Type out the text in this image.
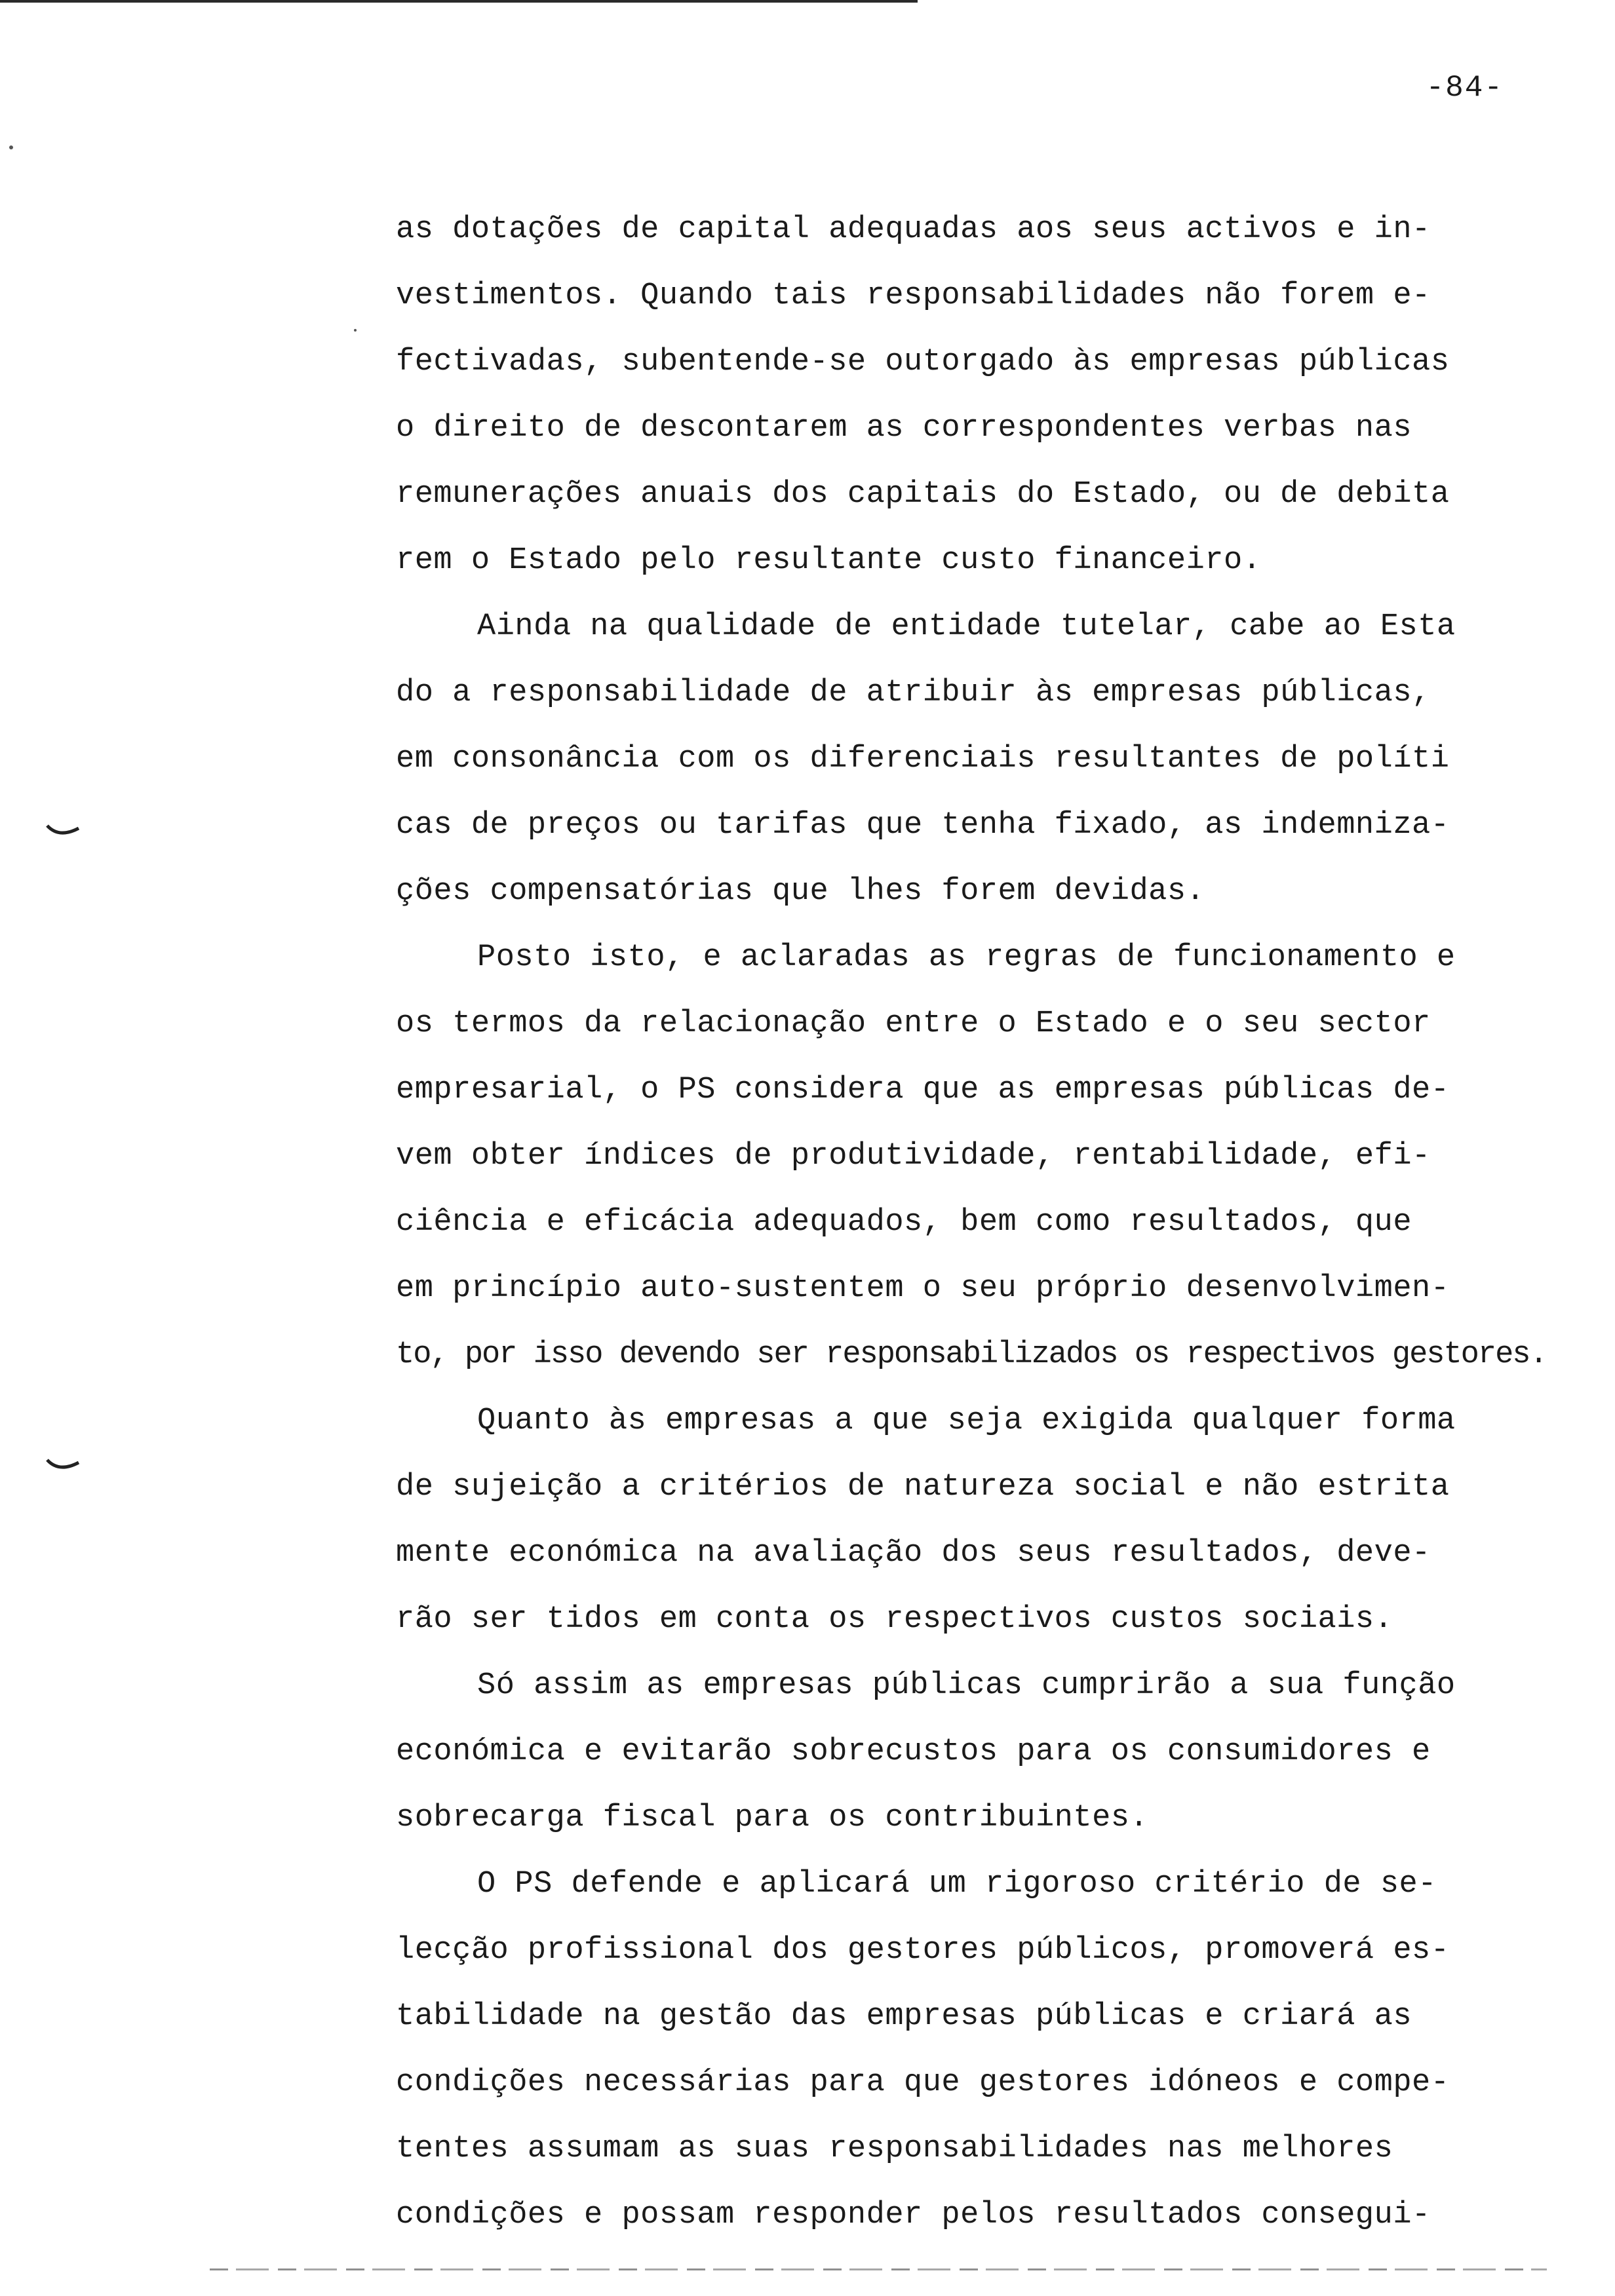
-84-
as dotações de capital adequadas aos seus activos e in-
vestimentos. Quando tais responsabilidades não forem e-
fectivadas, subentende-se outorgado às empresas públicas
o direito de descontarem as correspondentes verbas nas
remunerações anuais dos capitais do Estado, ou de debita
rem o Estado pelo resultante custo financeiro.
Ainda na qualidade de entidade tutelar, cabe ao Esta
do a responsabilidade de atribuir às empresas públicas,
em consonância com os diferenciais resultantes de políti
cas de preços ou tarifas que tenha fixado, as indemniza-
ções compensatórias que lhes forem devidas.
Posto isto, e aclaradas as regras de funcionamento e
os termos da relacionação entre o Estado e o seu sector
empresarial, o PS considera que as empresas públicas de-
vem obter índices de produtividade, rentabilidade, efi-
ciência e eficácia adequados, bem como resultados, que
em princípio auto-sustentem o seu próprio desenvolvimen-
to, por isso devendo ser responsabilizados os respectivos gestores.
Quanto às empresas a que seja exigida qualquer forma
de sujeição a critérios de natureza social e não estrita
mente económica na avaliação dos seus resultados, deve-
rão ser tidos em conta os respectivos custos sociais.
Só assim as empresas públicas cumprirão a sua função
económica e evitarão sobrecustos para os consumidores e
sobrecarga fiscal para os contribuintes.
O PS defende e aplicará um rigoroso critério de se-
lecção profissional dos gestores públicos, promoverá es-
tabilidade na gestão das empresas públicas e criará as
condições necessárias para que gestores idóneos e compe-
tentes assumam as suas responsabilidades nas melhores
condições e possam responder pelos resultados consegui-
